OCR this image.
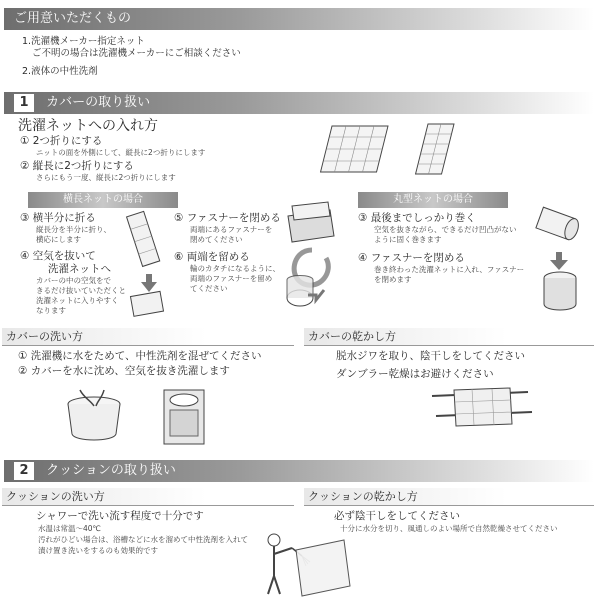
ご用意いただくもの
1.洗濯機メーカー指定ネット
ご不明の場合は洗濯機メーカーにご相談ください
2.液体の中性洗剤
1 カバーの取り扱い
洗濯ネットへの入れ方
① 2つ折りにする
ニットの面を外側にして、縦長に2つ折りにします
② 縦長に2つ折りにする
さらにもう一度、縦長に2つ折りにします
横長ネットの場合	丸型ネットの場合
③ 横半分に折る
縦長分を半分に折り、
横応にします
④ 空気を抜いて
洗濯ネットへ
カバーの中の空気をで
きるだけ抜いていただくと
洗濯ネットに入りやすく
なります
⑤ ファスナーを閉める
両端にあるファスナーを
閉めてください
⑥ 両端を留める
輪のカタチになるように、
両端のファスナーを留め
てください
③ 最後までしっかり巻く
空気を抜きながら、できるだけ凹凸がない
ように固く巻きます
④ ファスナーを閉める
巻き終わった洗濯ネットに入れ、ファスナー
を閉めます
カバーの洗い方	カバーの乾かし方
① 洗濯機に水をためて、中性洗剤を混ぜてください
② カバーを水に沈め、空気を抜き洗濯します
脱水ジワを取り、陰干しをしてください
ダンブラー乾燥はお避けください
2 クッションの取り扱い
クッションの洗い方	クッションの乾かし方
シャワーで洗い流す程度で十分です
水温は常温～40℃
汚れがひどい場合は、浴槽などに水を溜めて中性洗剤を入れて
漬け置き洗いをするのも効果的です
必ず陰干しをしてください
十分に水分を切り、風通しのよい場所で自然乾燥させてください
